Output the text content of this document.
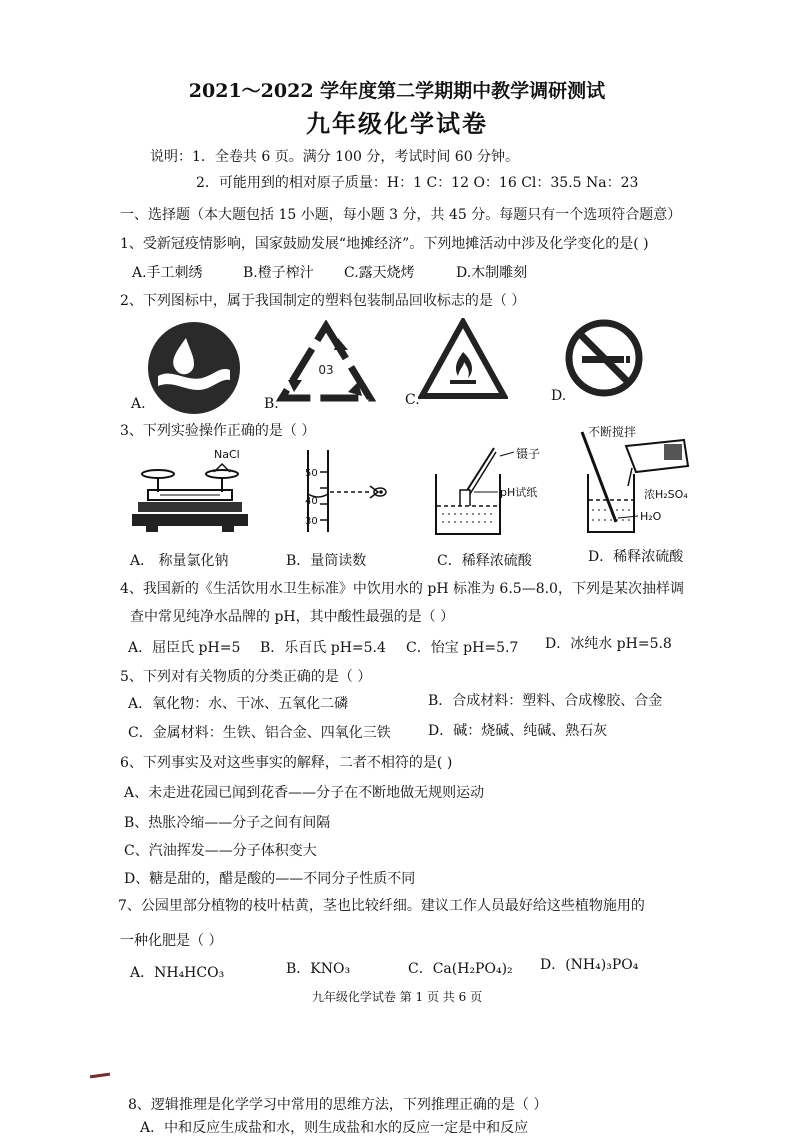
2021～2022 学年度第二学期期中教学调研测试
九年级化学试卷
说明：1．全卷共 6 页。满分 100 分，考试时间 60 分钟。
2．可能用到的相对原子质量：H：1 C：12 O：16 Cl：35.5 Na：23
一、选择题（本大题包括 15 小题，每小题 3 分，共 45 分。每题只有一个选项符合题意）
1、受新冠疫情影响，国家鼓励发展“地摊经济”。下列地摊活动中涉及化学变化的是( )
A.手工刺绣	B.橙子榨汁 C.露天烧烤	D.木制雕刻
2、下列图标中，属于我国制定的塑料包装制品回收标志的是（ ）
A.
03
B.	C.	D.
3、下列实验操作正确的是（ ）
NaCl
A． 称量氯化钠
50
40
30
B．量筒读数
镊子
pH试纸
C．稀释浓硫酸
不断搅拌
浓H₂SO₄
H₂O
D．稀释浓硫酸
4、我国新的《生活饮用水卫生标准》中饮用水的 pH 标准为 6.5—8.0，下列是某次抽样调
查中常见纯净水品牌的 pH，其中酸性最强的是（ ）
A．屈臣氏 pH=5 B．乐百氏 pH=5.4 C．怡宝 pH=5.7 D．冰纯水 pH=5.8
5、下列对有关物质的分类正确的是（ ）
A．氧化物：水、干冰、五氧化二磷	B．合成材料：塑料、合成橡胶、合金
C．金属材料：生铁、铝合金、四氧化三铁	D．碱：烧碱、纯碱、熟石灰
6、下列事实及对这些事实的解释，二者不相符的是( )
A、未走进花园已闻到花香——分子在不断地做无规则运动
B、热胀冷缩——分子之间有间隔
C、汽油挥发——分子体积变大
D、糖是甜的，醋是酸的——不同分子性质不同
7、公园里部分植物的枝叶枯黄，茎也比较纤细。建议工作人员最好给这些植物施用的
一种化肥是（ ）
A．NH₄HCO₃	B．KNO₃	C．Ca(H₂PO₄)₂ D．(NH₄)₃PO₄
九年级化学试卷 第 1 页 共 6 页
8、逻辑推理是化学学习中常用的思维方法，下列推理正确的是（ ）
A．中和反应生成盐和水，则生成盐和水的反应一定是中和反应
